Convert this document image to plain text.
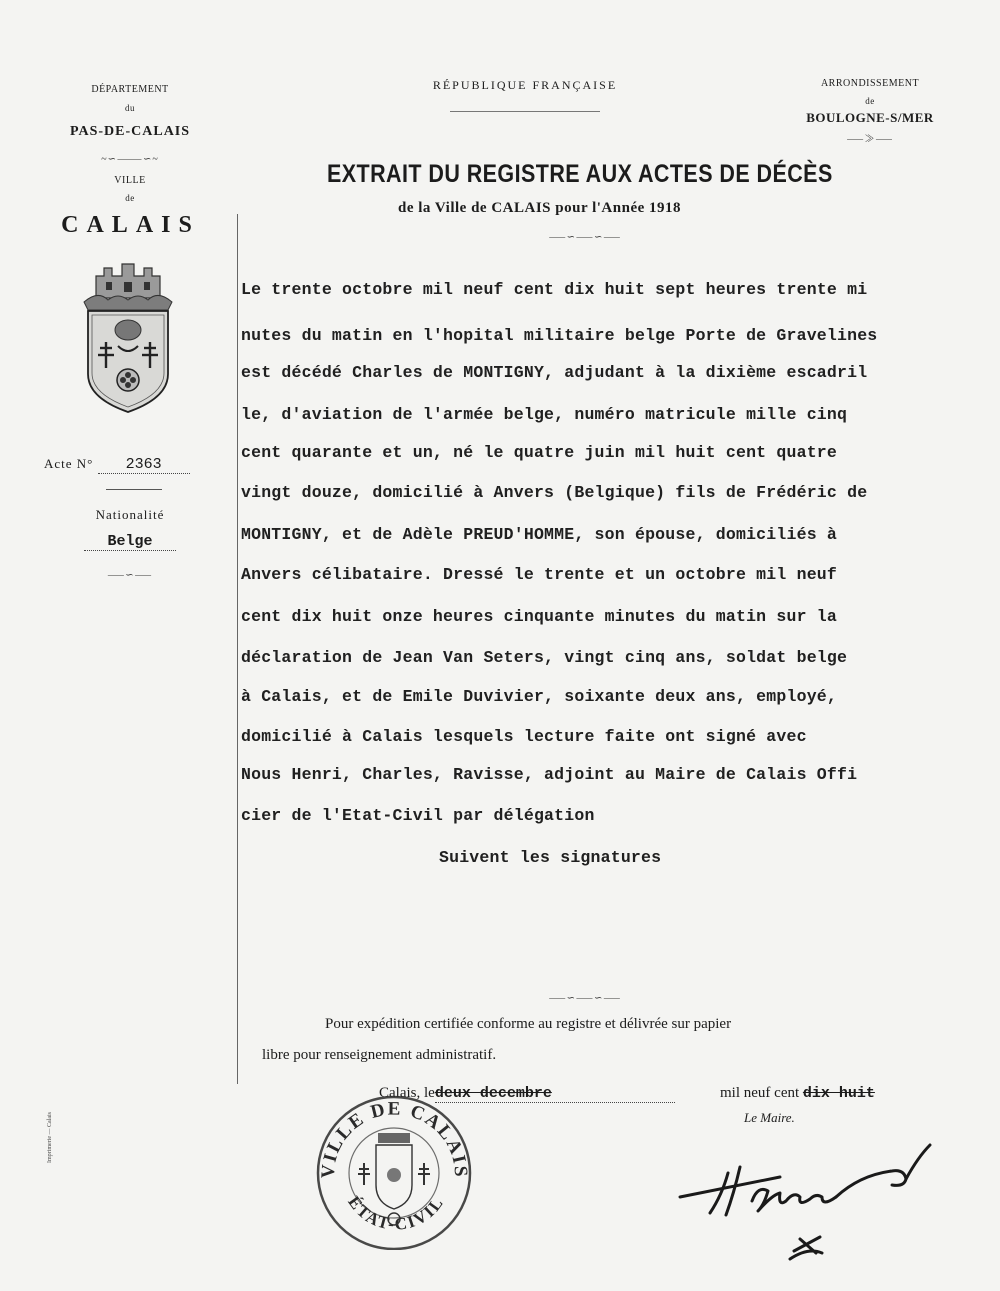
DÉPARTEMENT
du
PAS-DE-CALAIS
~∽⸻∽~
VILLE
de
CALAIS
Acte N° 2363
Nationalité
Belge
⸺∽⸺
Imprimerie — Calais
RÉPUBLIQUE FRANÇAISE	ARRONDISSEMENT
de
BOULOGNE-S/MER
⸺≫⸺
EXTRAIT DU REGISTRE AUX ACTES DE DÉCÈS
de la Ville de CALAIS pour l'Année 1918
⸺∽⸺∽⸺
Le trente octobre mil neuf cent dix huit sept heures trente mi
nutes du matin en l'hopital militaire belge Porte de Gravelines
est décédé Charles de MONTIGNY, adjudant à la dixième escadril
le, d'aviation de l'armée belge, numéro matricule mille cinq
cent quarante et un, né le quatre juin mil huit cent quatre
vingt douze, domicilié à Anvers (Belgique) fils de Frédéric de
MONTIGNY, et de Adèle PREUD'HOMME, son épouse, domiciliés à
Anvers célibataire. Dressé le trente et un octobre mil neuf
cent dix huit onze heures cinquante minutes du matin sur la
déclaration de Jean Van Seters, vingt cinq ans, soldat belge
à Calais, et de Emile Duvivier, soixante deux ans, employé,
domicilié à Calais lesquels lecture faite ont signé avec
Nous Henri, Charles, Ravisse, adjoint au Maire de Calais Offi
cier de l'Etat-Civil par délégation
Suivent les signatures
⸺∽⸺∽⸺
Pour expédition certifiée conforme au registre et délivrée sur papier
libre pour renseignement administratif.
Calais, ledeux decembre	mil neuf cent dix huit
Le Maire.
VILLE DE CALAIS
ÉTAT-CIVIL
